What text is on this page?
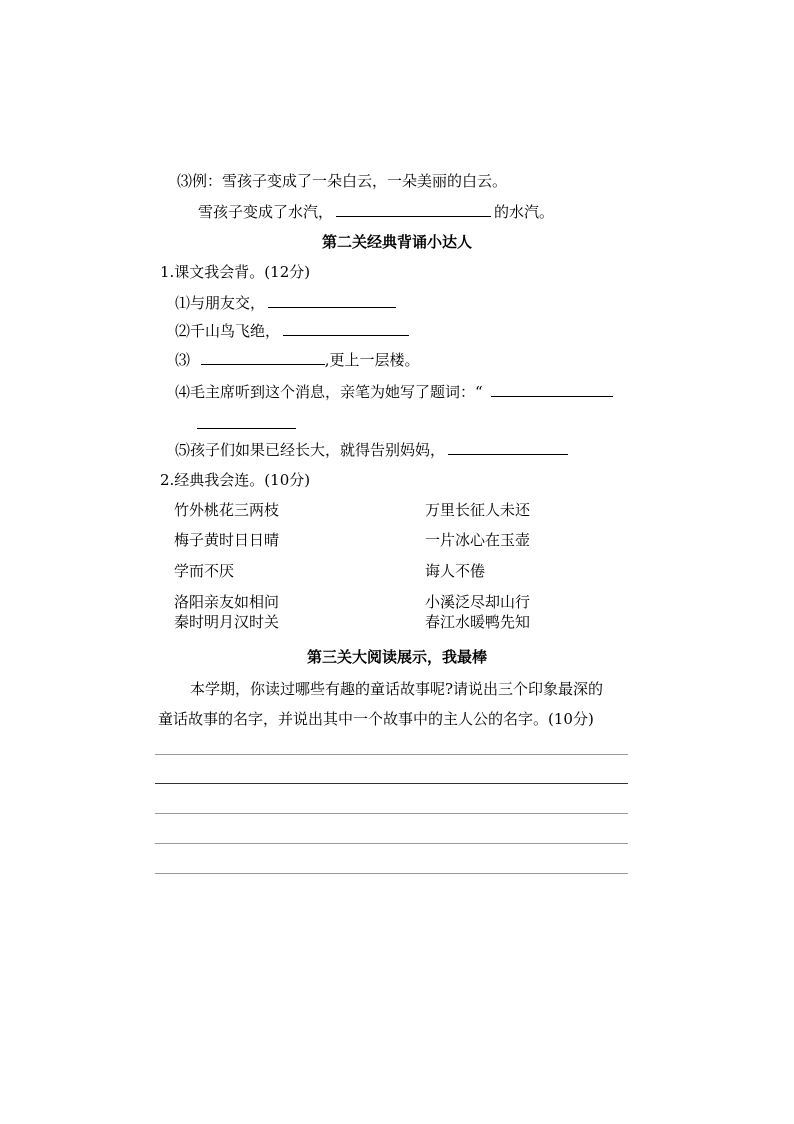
⑶例：雪孩子变成了一朵白云，一朵美丽的白云。
雪孩子变成了水汽，	的水汽。
第二关经典背诵小达人
1.课文我会背。(12分)
⑴与朋友交，
⑵千山鸟飞绝，
⑶	,更上一层楼。
⑷毛主席听到这个消息，亲笔为她写了题词：“
⑸孩子们如果已经长大，就得告别妈妈，
2.经典我会连。(10分)
竹外桃花三两枝
梅子黄时日日晴
学而不厌
洛阳亲友如相问
秦时明月汉时关
万里长征人未还
一片冰心在玉壶
诲人不倦
小溪泛尽却山行
春江水暖鸭先知
第三关大阅读展示，我最棒
本学期，你读过哪些有趣的童话故事呢?请说出三个印象最深的
童话故事的名字，并说出其中一个故事中的主人公的名字。(10分)
